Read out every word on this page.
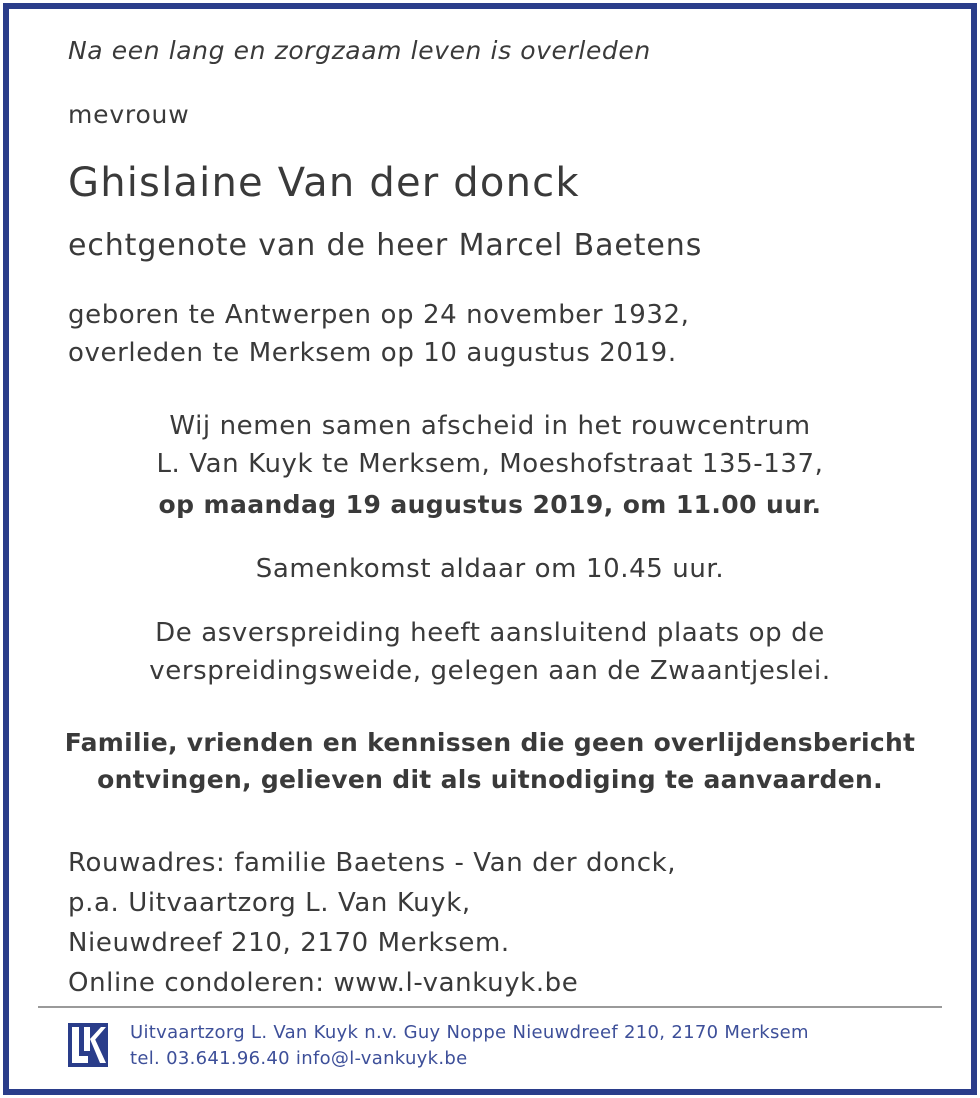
Na een lang en zorgzaam leven is overleden
mevrouw
Ghislaine Van der donck
echtgenote van de heer Marcel Baetens
geboren te Antwerpen op 24 november 1932,
overleden te Merksem op 10 augustus 2019.
Wij nemen samen afscheid in het rouwcentrum
L. Van Kuyk te Merksem, Moeshofstraat 135-137,
op maandag 19 augustus 2019, om 11.00 uur.
Samenkomst aldaar om 10.45 uur.
De asverspreiding heeft aansluitend plaats op de
verspreidingsweide, gelegen aan de Zwaantjeslei.
Familie, vrienden en kennissen die geen overlijdensbericht
ontvingen, gelieven dit als uitnodiging te aanvaarden.
Rouwadres: familie Baetens - Van der donck,
p.a. Uitvaartzorg L. Van Kuyk,
Nieuwdreef 210, 2170 Merksem.
Online condoleren: www.l-vankuyk.be
Uitvaartzorg L. Van Kuyk n.v. Guy Noppe Nieuwdreef 210, 2170 Merksem
tel. 03.641.96.40 info@l-vankuyk.be
